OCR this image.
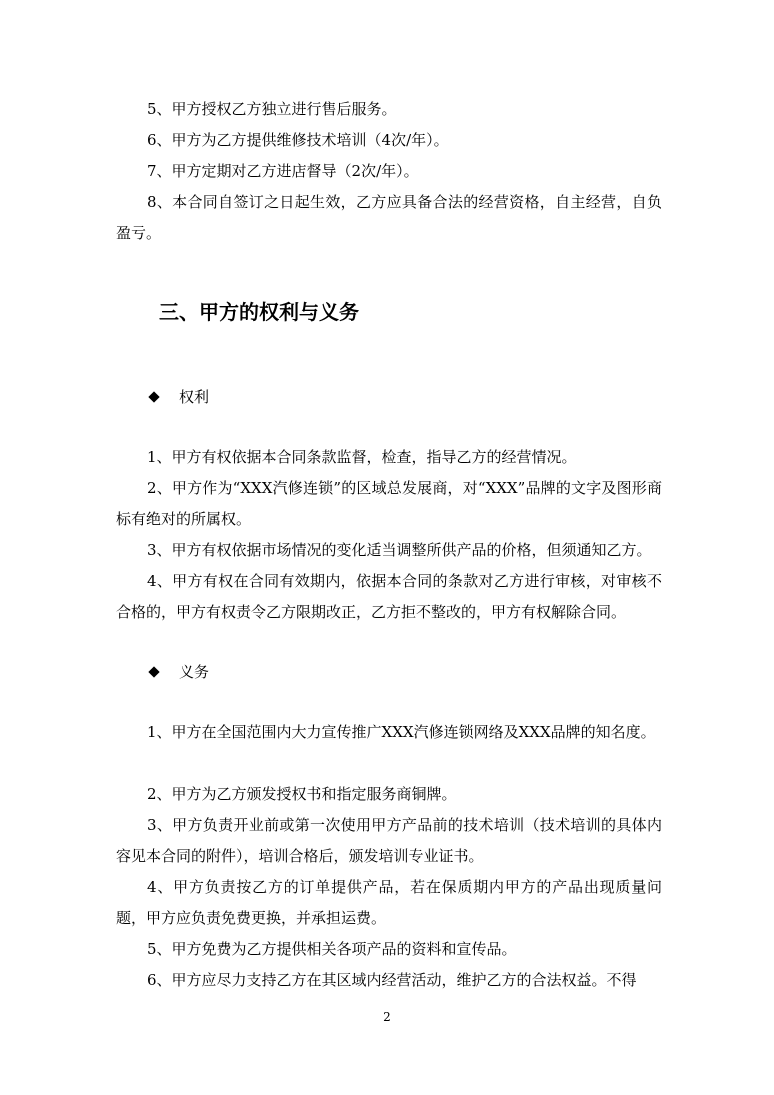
5、甲方授权乙方独立进行售后服务。

6、甲方为乙方提供维修技术培训（4次/年）。

7、甲方定期对乙方进店督导（2次/年）。

8、本合同自签订之日起生效，乙方应具备合法的经营资格，自主经营，自负盈亏。

三、甲方的权利与义务
权利

1、甲方有权依据本合同条款监督，检查，指导乙方的经营情况。

2、甲方作为“XXX汽修连锁”的区域总发展商，对“XXX”品牌的文字及图形商标有绝对的所属权。

3、甲方有权依据市场情况的变化适当调整所供产品的价格，但须通知乙方。

4、甲方有权在合同有效期内，依据本合同的条款对乙方进行审核，对审核不合格的，甲方有权责令乙方限期改正，乙方拒不整改的，甲方有权解除合同。

义务

1、甲方在全国范围内大力宣传推广XXX汽修连锁网络及XXX品牌的知名度。

2、甲方为乙方颁发授权书和指定服务商铜牌。

3、甲方负责开业前或第一次使用甲方产品前的技术培训（技术培训的具体内容见本合同的附件），培训合格后，颁发培训专业证书。

4、甲方负责按乙方的订单提供产品，若在保质期内甲方的产品出现质量问题，甲方应负责免费更换，并承担运费。

5、甲方免费为乙方提供相关各项产品的资料和宣传品。

6、甲方应尽力支持乙方在其区域内经营活动，维护乙方的合法权益。不得

2
